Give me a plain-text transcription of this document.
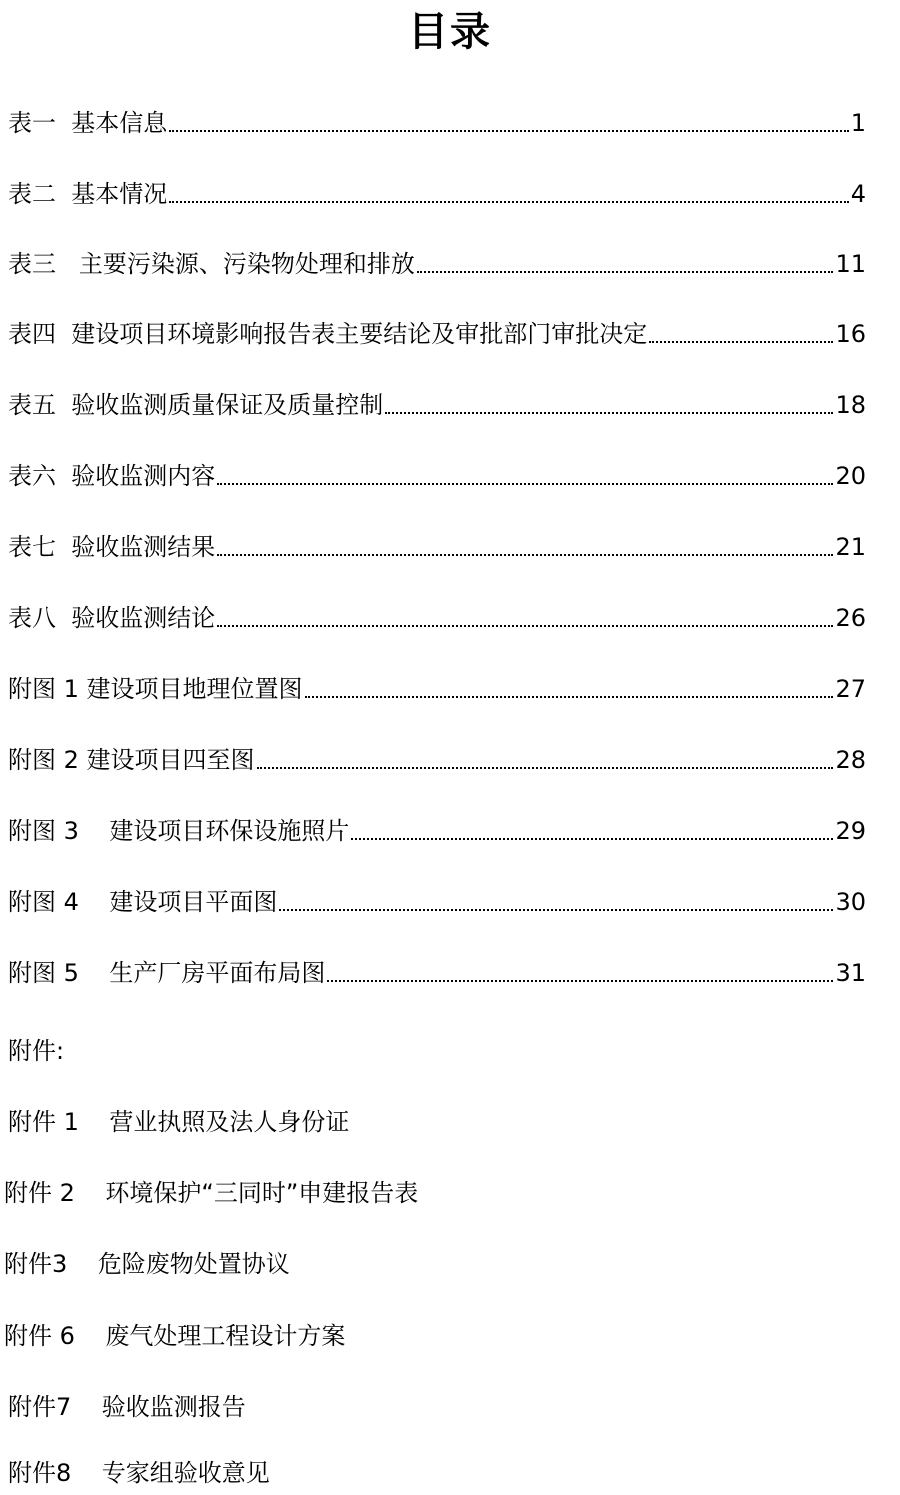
目录
表一  基本信息	1
表二  基本情况	4
表三   主要污染源、污染物处理和排放	11
表四  建设项目环境影响报告表主要结论及审批部门审批决定	16
表五  验收监测质量保证及质量控制	18
表六  验收监测内容	20
表七  验收监测结果	21
表八  验收监测结论	26
附图 1 建设项目地理位置图	27
附图 2 建设项目四至图	28
附图 3    建设项目环保设施照片	29
附图 4    建设项目平面图	30
附图 5    生产厂房平面布局图	31
附件:
附件 1    营业执照及法人身份证
附件 2    环境保护“三同时”申建报告表
附件3    危险废物处置协议
附件 6    废气处理工程设计方案
附件7    验收监测报告
附件8    专家组验收意见
